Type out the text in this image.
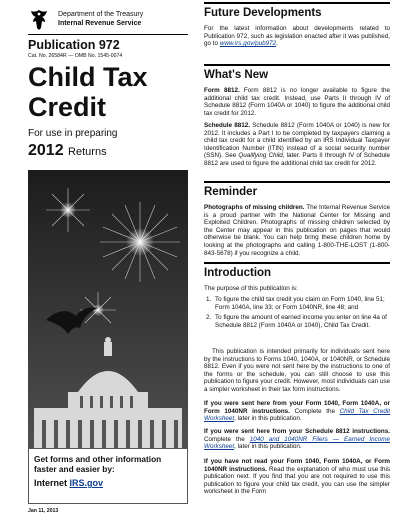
Department of the Treasury
Internal Revenue Service
Publication 972
Cat. No. 26584R — OMB No. 1545-0074
Child Tax
Credit
For use in preparing
2012 Returns
Get forms and other information faster and easier by:
Internet IRS.gov
Jan 11, 2013
Future Developments
For the latest information about developments related to Publication 972, such as legislation enacted after it was published, go to www.irs.gov/pub972.
What's New
Form 8812. Form 8812 is no longer available to figure the additional child tax credit. Instead, use Parts II through IV of Schedule 8812 (Form 1040A or 1040) to figure the additional child tax credit for 2012.
Schedule 8812. Schedule 8812 (Form 1040A or 1040) is new for 2012. It includes a Part I to be completed by taxpayers claiming a child tax credit for a child identified by an IRS Individual Taxpayer Identification Number (ITIN) instead of a social security number (SSN). See Qualifying Child, later. Parts II through IV of Schedule 8812 are used to figure the additional child tax credit for 2012.
Reminder
Photographs of missing children. The Internal Revenue Service is a proud partner with the National Center for Missing and Exploited Children. Photographs of missing children selected by the Center may appear in this publication on pages that would otherwise be blank. You can help bring these children home by looking at the photographs and calling 1-800-THE-LOST (1-800-843-5678) if you recognize a child.
Introduction
The purpose of this publication is:
1. To figure the child tax credit you claim on Form 1040, line 51; Form 1040A, line 33; or Form 1040NR, line 48; and
2. To figure the amount of earned income you enter on line 4a of Schedule 8812 (Form 1040A or 1040), Child Tax Credit.
This publication is intended primarily for individuals sent here by the instructions to Forms 1040, 1040A, or 1040NR, or Schedule 8812. Even if you were not sent here by the instructions to one of the forms or the schedule, you can still choose to use this publication to figure your credit. However, most individuals can use a simpler worksheet in their tax form instructions.
If you were sent here from your Form 1040, Form 1040A, or Form 1040NR instructions. Complete the Child Tax Credit Worksheet, later in this publication.
If you were sent here from your Schedule 8812 instructions. Complete the 1040 and 1040NR Filers — Earned Income Worksheet, later in this publication.
If you have not read your Form 1040, Form 1040A, or Form 1040NR instructions. Read the explanation of who must use this publication next. If you find that you are not required to use this publication to figure your child tax credit, you can use the simpler worksheet in the Form
